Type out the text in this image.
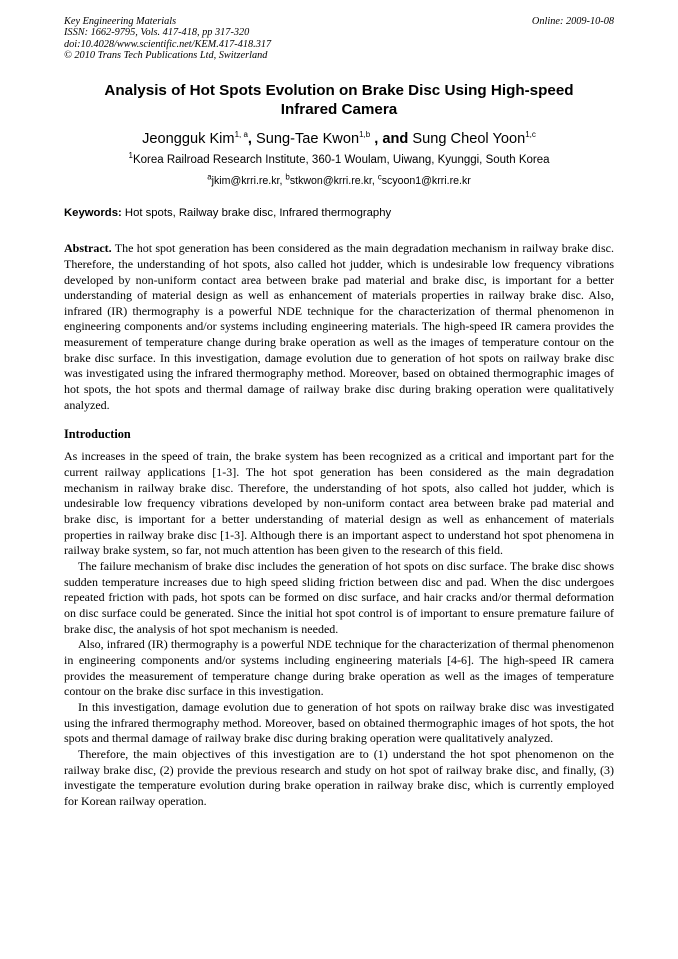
Key Engineering Materials
ISSN: 1662-9795, Vols. 417-418, pp 317-320
doi:10.4028/www.scientific.net/KEM.417-418.317
© 2010 Trans Tech Publications Ltd, Switzerland
Online: 2009-10-08
Analysis of Hot Spots Evolution on Brake Disc Using High-speed Infrared Camera
Jeongguk Kim$^{1, a}$, Sung-Tae Kwon$^{1,b}$ , and Sung Cheol Yoon$^{1,c}$
$^1$Korea Railroad Research Institute, 360-1 Woulam, Uiwang, Kyunggi, South Korea
$^a$jkim@krri.re.kr, $^b$stkwon@krri.re.kr, $^c$scyoon1@krri.re.kr
Keywords: Hot spots, Railway brake disc, Infrared thermography
Abstract. The hot spot generation has been considered as the main degradation mechanism in railway brake disc. Therefore, the understanding of hot spots, also called hot judder, which is undesirable low frequency vibrations developed by non-uniform contact area between brake pad material and brake disc, is important for a better understanding of material design as well as enhancement of materials properties in railway brake disc. Also, infrared (IR) thermography is a powerful NDE technique for the characterization of thermal phenomenon in engineering components and/or systems including engineering materials. The high-speed IR camera provides the measurement of temperature change during brake operation as well as the images of temperature contour on the brake disc surface. In this investigation, damage evolution due to generation of hot spots on railway brake disc was investigated using the infrared thermography method. Moreover, based on obtained thermographic images of hot spots, the hot spots and thermal damage of railway brake disc during braking operation were qualitatively analyzed.
Introduction
As increases in the speed of train, the brake system has been recognized as a critical and important part for the current railway applications [1-3]. The hot spot generation has been considered as the main degradation mechanism in railway brake disc. Therefore, the understanding of hot spots, also called hot judder, which is undesirable low frequency vibrations developed by non-uniform contact area between brake pad material and brake disc, is important for a better understanding of material design as well as enhancement of materials properties in railway brake disc [1-3]. Although there is an important aspect to understand hot spot phenomena in railway brake system, so far, not much attention has been given to the research of this field.
The failure mechanism of brake disc includes the generation of hot spots on disc surface. The brake disc shows sudden temperature increases due to high speed sliding friction between disc and pad. When the disc undergoes repeated friction with pads, hot spots can be formed on disc surface, and hair cracks and/or thermal deformation on disc surface could be generated. Since the initial hot spot control is of important to ensure premature failure of brake disc, the analysis of hot spot mechanism is needed.
Also, infrared (IR) thermography is a powerful NDE technique for the characterization of thermal phenomenon in engineering components and/or systems including engineering materials [4-6]. The high-speed IR camera provides the measurement of temperature change during brake operation as well as the images of temperature contour on the brake disc surface in this investigation.
In this investigation, damage evolution due to generation of hot spots on railway brake disc was investigated using the infrared thermography method. Moreover, based on obtained thermographic images of hot spots, the hot spots and thermal damage of railway brake disc during braking operation were qualitatively analyzed.
Therefore, the main objectives of this investigation are to (1) understand the hot spot phenomenon on the railway brake disc, (2) provide the previous research and study on hot spot of railway brake disc, and finally, (3) investigate the temperature evolution during brake operation in railway brake disc, which is currently employed for Korean railway operation.
